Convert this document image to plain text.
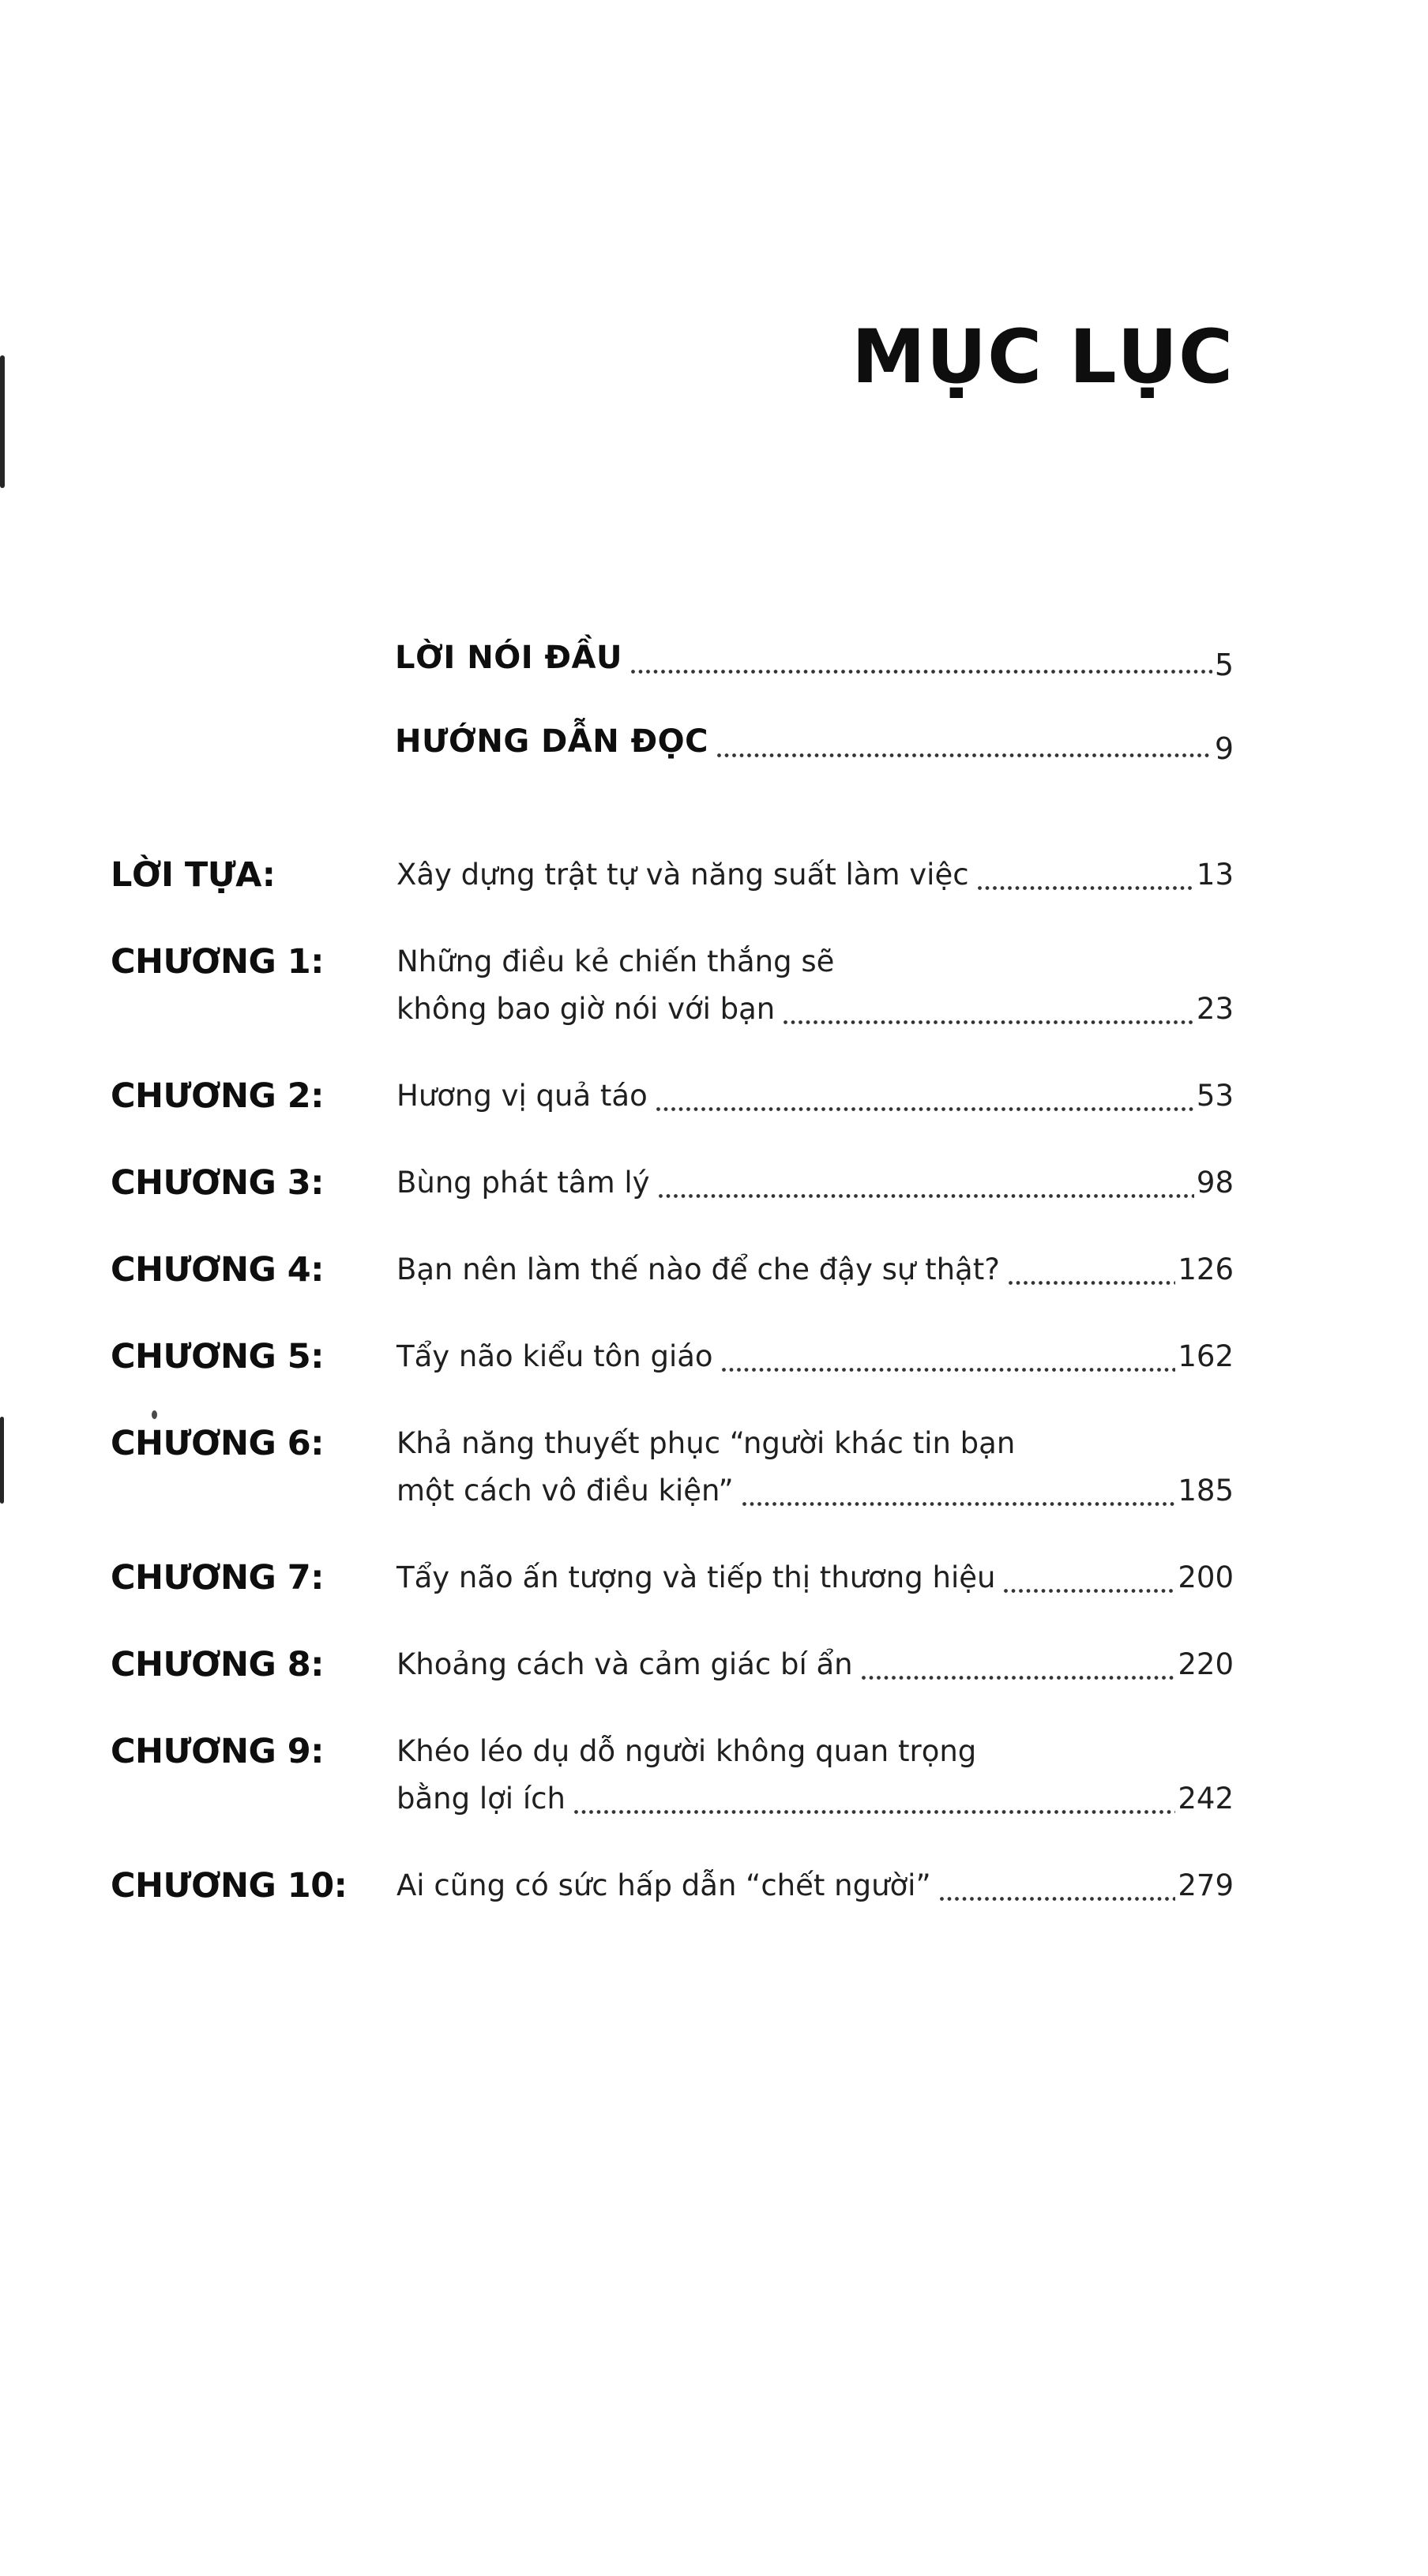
MỤC LỤC
LỜI NÓI ĐẦU	5
HƯỚNG DẪN ĐỌC	9
LỜI TỰA:	Xây dựng trật tự và năng suất làm việc	13
CHƯƠNG 1:	Những điều kẻ chiến thắng sẽ
không bao giờ nói với bạn	23
CHƯƠNG 2:	Hương vị quả táo	53
CHƯƠNG 3:	Bùng phát tâm lý	98
CHƯƠNG 4:	Bạn nên làm thế nào để che đậy sự thật?	126
CHƯƠNG 5:	Tẩy não kiểu tôn giáo	162
CHƯƠNG 6:	Khả năng thuyết phục “người khác tin bạn
một cách vô điều kiện”	185
CHƯƠNG 7:	Tẩy não ấn tượng và tiếp thị thương hiệu	200
CHƯƠNG 8:	Khoảng cách và cảm giác bí ẩn	220
CHƯƠNG 9:	Khéo léo dụ dỗ người không quan trọng
bằng lợi ích	242
CHƯƠNG 10:	Ai cũng có sức hấp dẫn “chết người”	279
